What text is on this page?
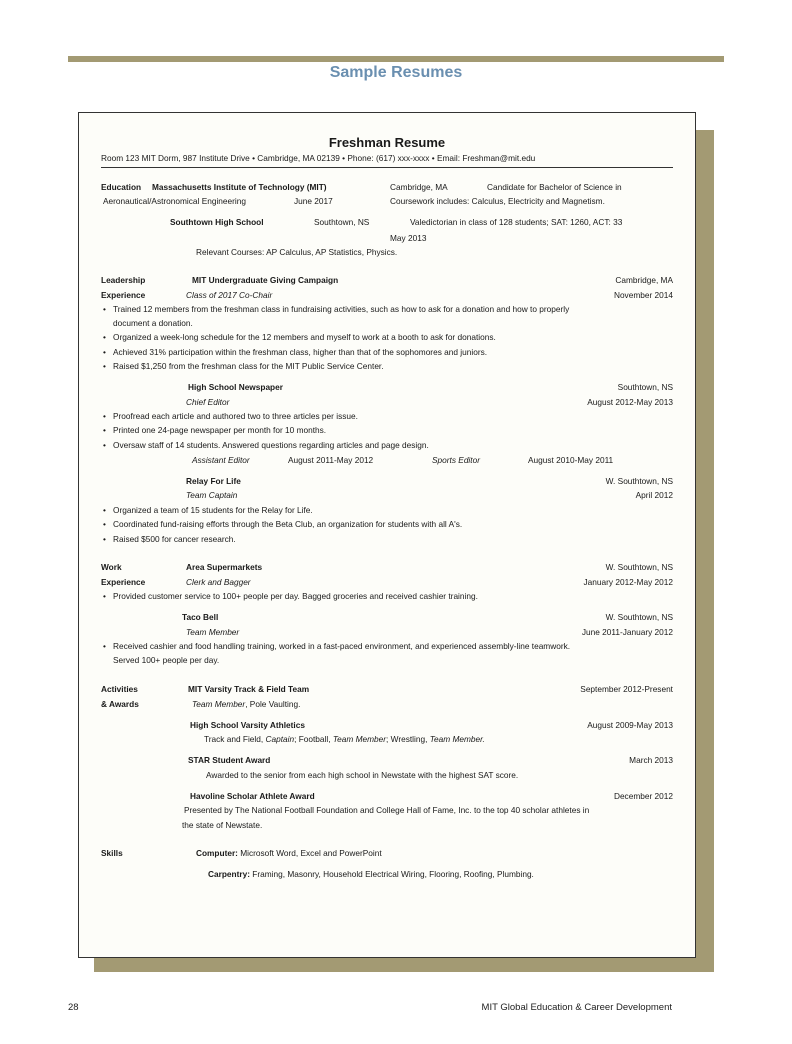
Sample Resumes
Freshman Resume
Room 123 MIT Dorm, 987 Institute Drive • Cambridge, MA 02139 • Phone: (617) xxx-xxxx • Email: Freshman@mit.edu
Education Massachusetts Institute of Technology (MIT)	Cambridge, MA	Candidate for Bachelor of Science in
Aeronautical/Astronomical Engineering	June 2017	Coursework includes: Calculus, Electricity and Magnetism.
Southtown High School	Southtown, NS	Valedictorian in class of 128 students; SAT: 1260, ACT: 33
May 2013
Relevant Courses: AP Calculus, AP Statistics, Physics.
Leadership
Experience
MIT Undergraduate Giving Campaign	Cambridge, MA
Class of 2017 Co-Chair	November 2014
• Trained 12 members from the freshman class in fundraising activities, such as how to ask for a donation and how to properly
document a donation.
• Organized a week-long schedule for the 12 members and myself to work at a booth to ask for donations.
• Achieved 31% participation within the freshman class, higher than that of the sophomores and juniors.
• Raised $1,250 from the freshman class for the MIT Public Service Center.
High School Newspaper	Southtown, NS
Chief Editor	August 2012-May 2013
• Proofread each article and authored two to three articles per issue.
• Printed one 24-page newspaper per month for 10 months.
• Oversaw staff of 14 students. Answered questions regarding articles and page design.
Assistant Editor	August 2011-May 2012	Sports Editor	August 2010-May 2011
Relay For Life	W. Southtown, NS
Team Captain	April 2012
• Organized a team of 15 students for the Relay for Life.
• Coordinated fund-raising efforts through the Beta Club, an organization for students with all A's.
• Raised $500 for cancer research.
Work
Experience
Area Supermarkets	W. Southtown, NS
Clerk and Bagger	January 2012-May 2012
• Provided customer service to 100+ people per day. Bagged groceries and received cashier training.
Taco Bell	W. Southtown, NS
Team Member	June 2011-January 2012
• Received cashier and food handling training, worked in a fast-paced environment, and experienced assembly-line teamwork.
Served 100+ people per day.
Activities
& Awards
MIT Varsity Track & Field Team	September 2012-Present
Team Member, Pole Vaulting.
High School Varsity Athletics	August 2009-May 2013
Track and Field, Captain; Football, Team Member; Wrestling, Team Member.
STAR Student Award	March 2013
Awarded to the senior from each high school in Newstate with the highest SAT score.
Havoline Scholar Athlete Award	December 2012
Presented by The National Football Foundation and College Hall of Fame, Inc. to the top 40 scholar athletes in
the state of Newstate.
Skills	Computer: Microsoft Word, Excel and PowerPoint
Carpentry: Framing, Masonry, Household Electrical Wiring, Flooring, Roofing, Plumbing.
28	MIT Global Education & Career Development
